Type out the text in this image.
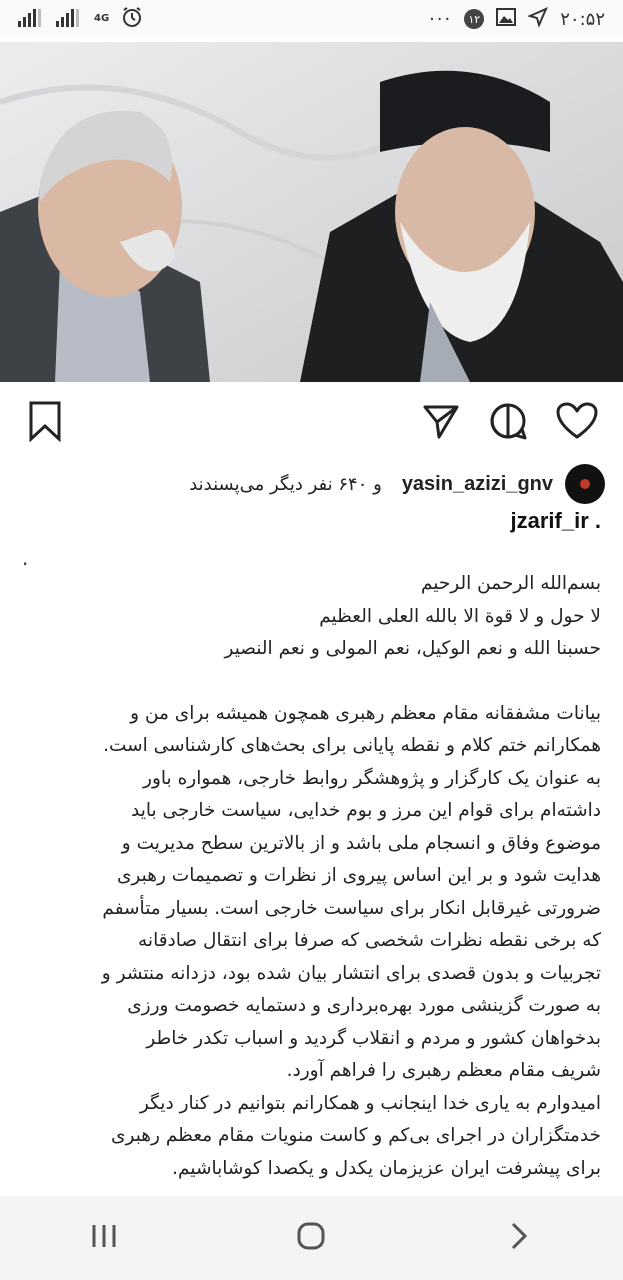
4G	···	۱۲	۲۰:۵۲
و ۶۴۰ نفر دیگر می‌پسندند yasin_azizi_gnv
jzarif_ir .
.

بسم‌الله الرحمن الرحیم

لا حول و لا قوة الا بالله العلی العظیم

حسبنا الله و نعم الوکیل، نعم المولی و نعم النصیر

بیانات مشفقانه مقام معظم رهبری همچون همیشه برای من و

همکارانم ختم کلام و نقطه پایانی برای بحث‌های کارشناسی است.

به عنوان یک کارگزار و پژوهشگر روابط خارجی، همواره باور

داشته‌ام برای قوام این مرز و بوم خدایی، سیاست خارجی باید

موضوع وفاق و انسجام ملی باشد و از بالاترین سطح مدیریت و

هدایت شود و بر این اساس پیروی از نظرات و تصمیمات رهبری

ضرورتی غیرقابل انکار برای سیاست خارجی است. بسیار متأسفم

که برخی نقطه نظرات شخصی که صرفا برای انتقال صادقانه

تجربیات و بدون قصدی برای انتشار بیان شده بود، دزدانه منتشر و

به صورت گزینشی مورد بهره‌برداری و دستمایه خصومت ورزی

بدخواهان کشور و مردم و انقلاب گردید و اسباب تکدر خاطر

شریف مقام معظم رهبری را فراهم آورد.

امیدوارم به یاری خدا اینجانب و همکارانم بتوانیم در کنار دیگر

خدمتگزاران در اجرای بی‌کم و کاست منویات مقام معظم رهبری

برای پیشرفت ایران عزیزمان یکدل و یکصدا کوشاباشیم.
